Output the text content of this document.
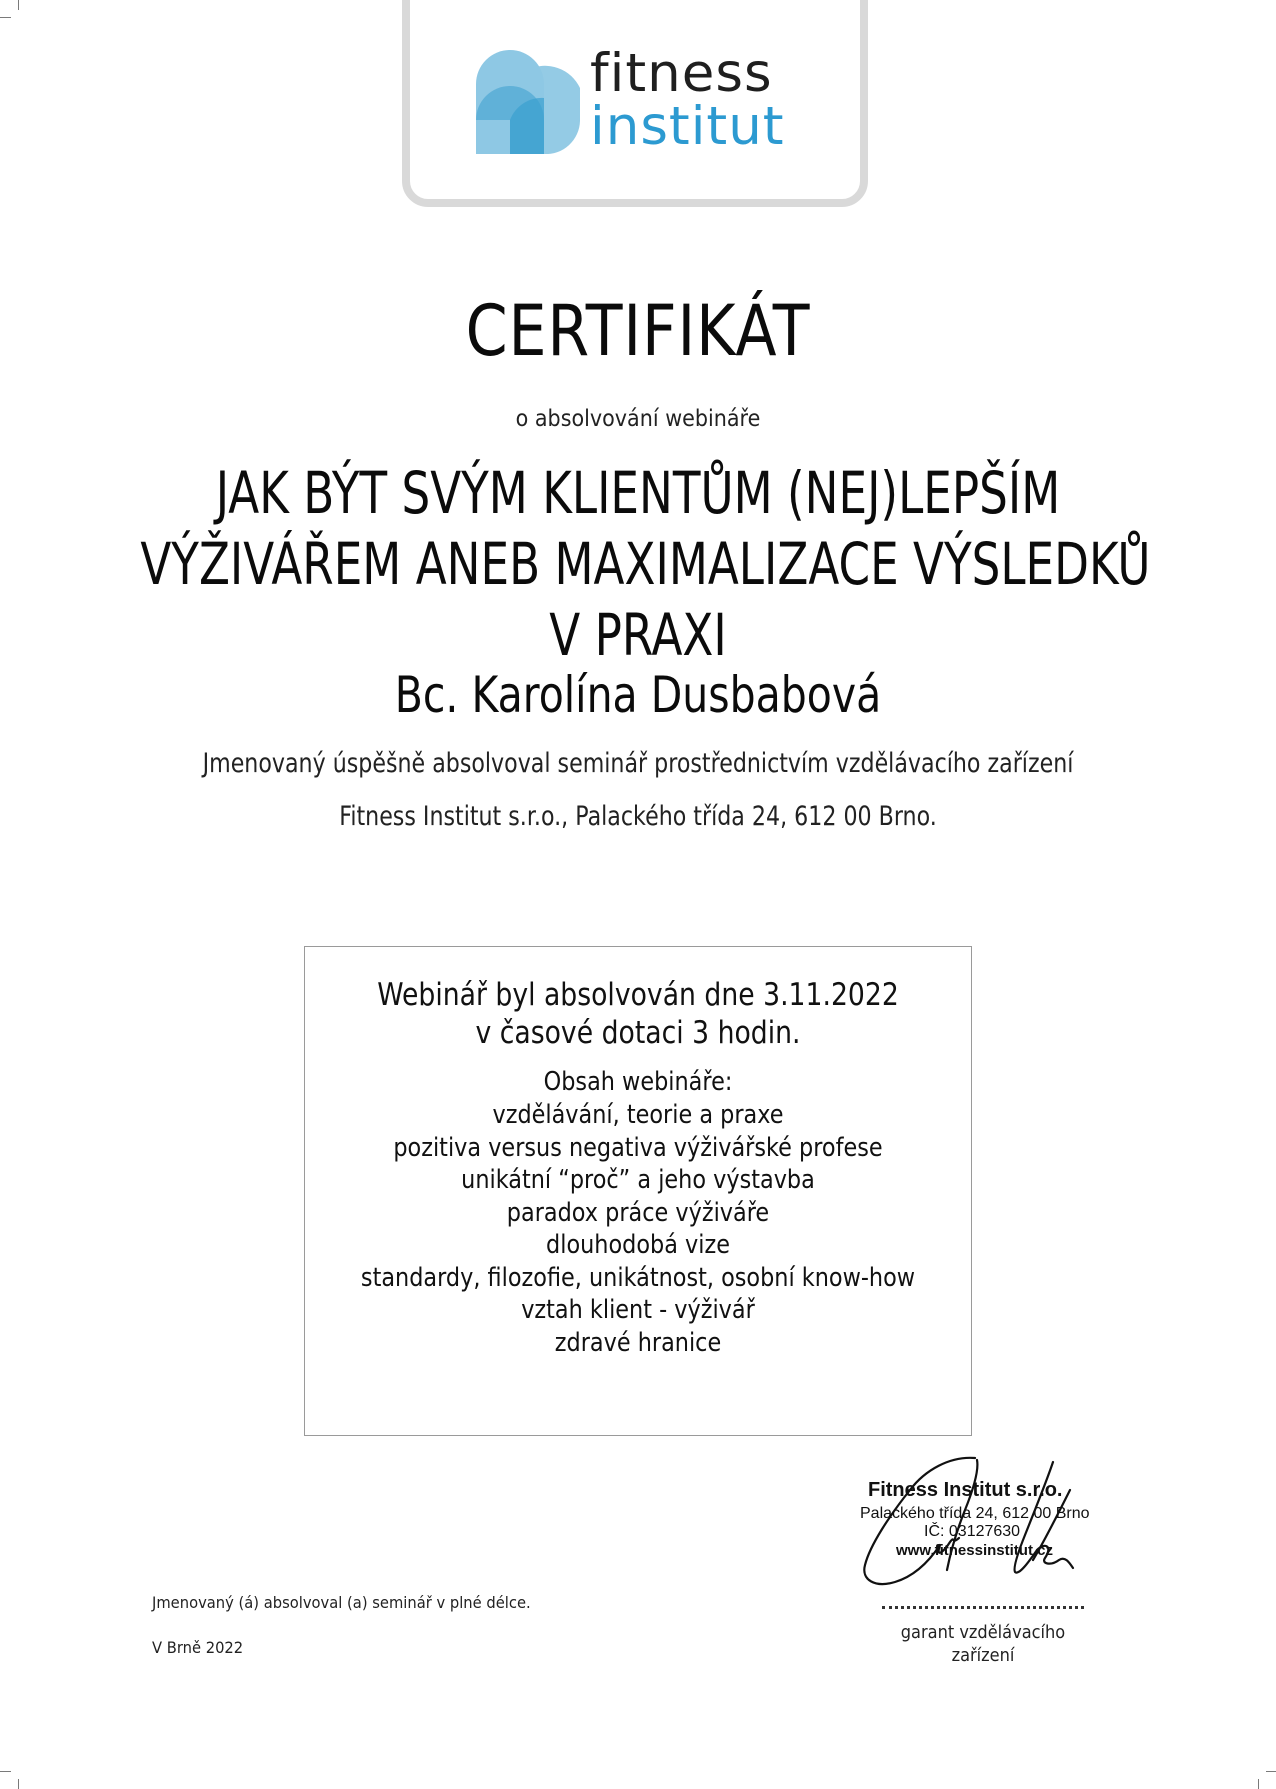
fitness
institut
CERTIFIKÁT
o absolvování webináře
JAK BÝT SVÝM KLIENTŮM (NEJ)LEPŠÍM
VÝŽIVÁŘEM ANEB MAXIMALIZACE VÝSLEDKŮ
V PRAXI
Bc. Karolína Dusbabová
Jmenovaný úspěšně absolvoval seminář prostřednictvím vzdělávacího zařízení
Fitness Institut s.r.o., Palackého třída 24, 612 00 Brno.
Webinář byl absolvován dne 3.11.2022
v časové dotaci 3 hodin.
Obsah webináře:
vzdělávání, teorie a praxe
pozitiva versus negativa výživářské profese
unikátní “proč” a jeho výstavba
paradox práce výživáře
dlouhodobá vize
standardy, filozofie, unikátnost, osobní know-how
vztah klient - výživář
zdravé hranice
Jmenovaný (á) absolvoval (a) seminář v plné délce.
V Brně 2022
Fitness Institut s.r.o.
Palackého třída 24, 612 00 Brno
IČ: 03127630
www.fitnessinstitut.cz
garant vzdělávacího
zařízení
